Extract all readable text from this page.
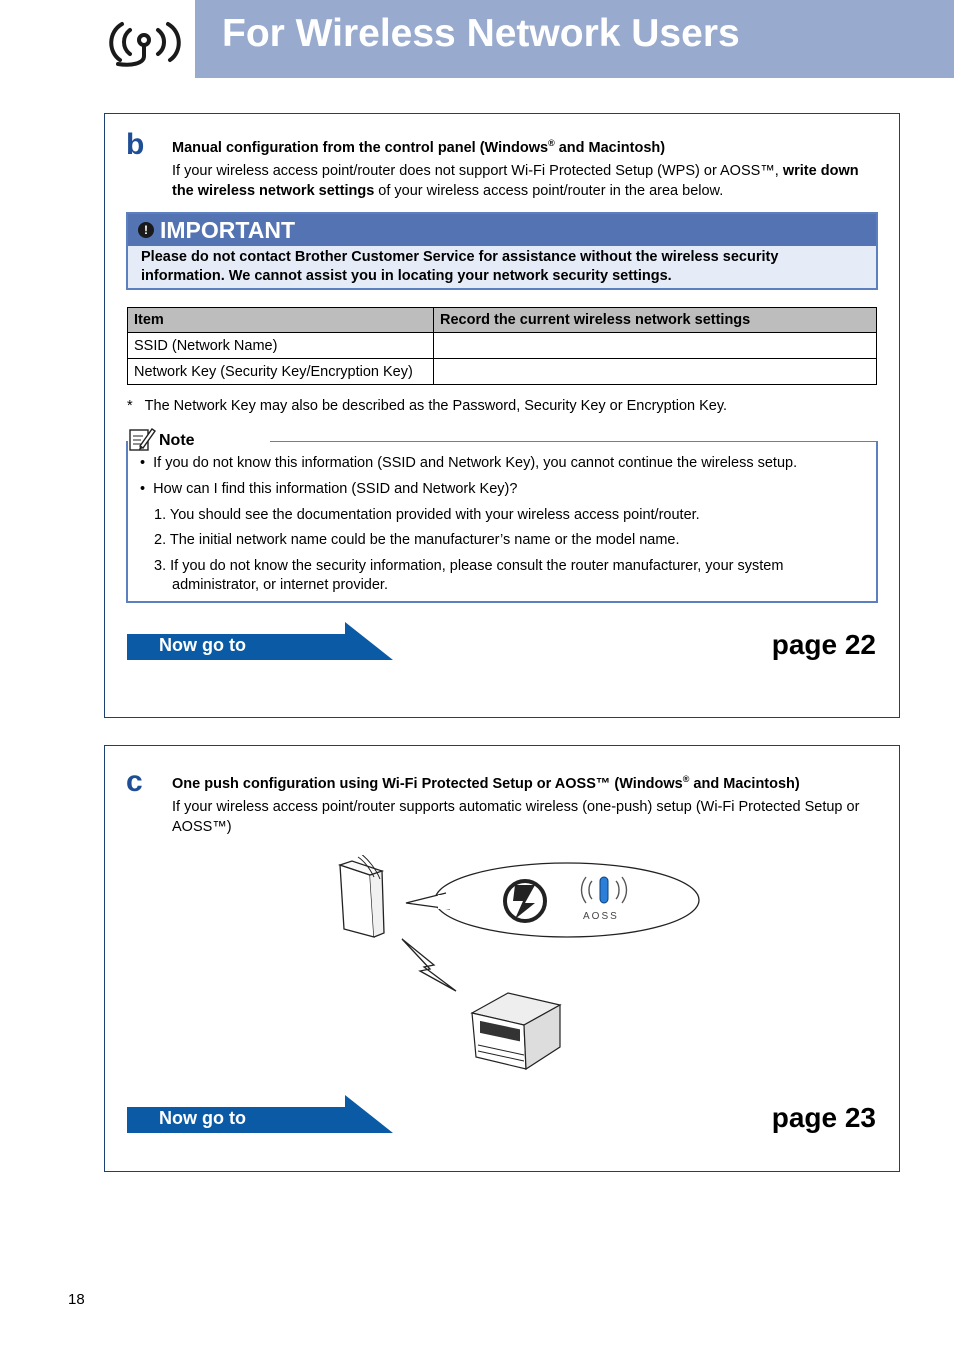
For Wireless Network Users
b Manual configuration from the control panel (Windows® and Macintosh)
If your wireless access point/router does not support Wi-Fi Protected Setup (WPS) or AOSS™, write down the wireless network settings of your wireless access point/router in the area below.
! IMPORTANT
Please do not contact Brother Customer Service for assistance without the wireless security information. We cannot assist you in locating your network security settings.
Item	Record the current wireless network settings
SSID (Network Name)	
Network Key (Security Key/Encryption Key)	
* The Network Key may also be described as the Password, Security Key or Encryption Key.
Note
•  If you do not know this information (SSID and Network Key), you cannot continue the wireless setup.
•  How can I find this information (SSID and Network Key)?
1. You should see the documentation provided with your wireless access point/router.
2. The initial network name could be the manufacturer’s name or the model name.
3. If you do not know the security information, please consult the router manufacturer, your system
administrator, or internet provider.
Now go to	page 22
c One push configuration using Wi-Fi Protected Setup or AOSS™ (Windows® and Macintosh)
If your wireless access point/router supports automatic wireless (one-push) setup (Wi-Fi Protected Setup or AOSS™)
AOSS
Now go to	page 23
18
